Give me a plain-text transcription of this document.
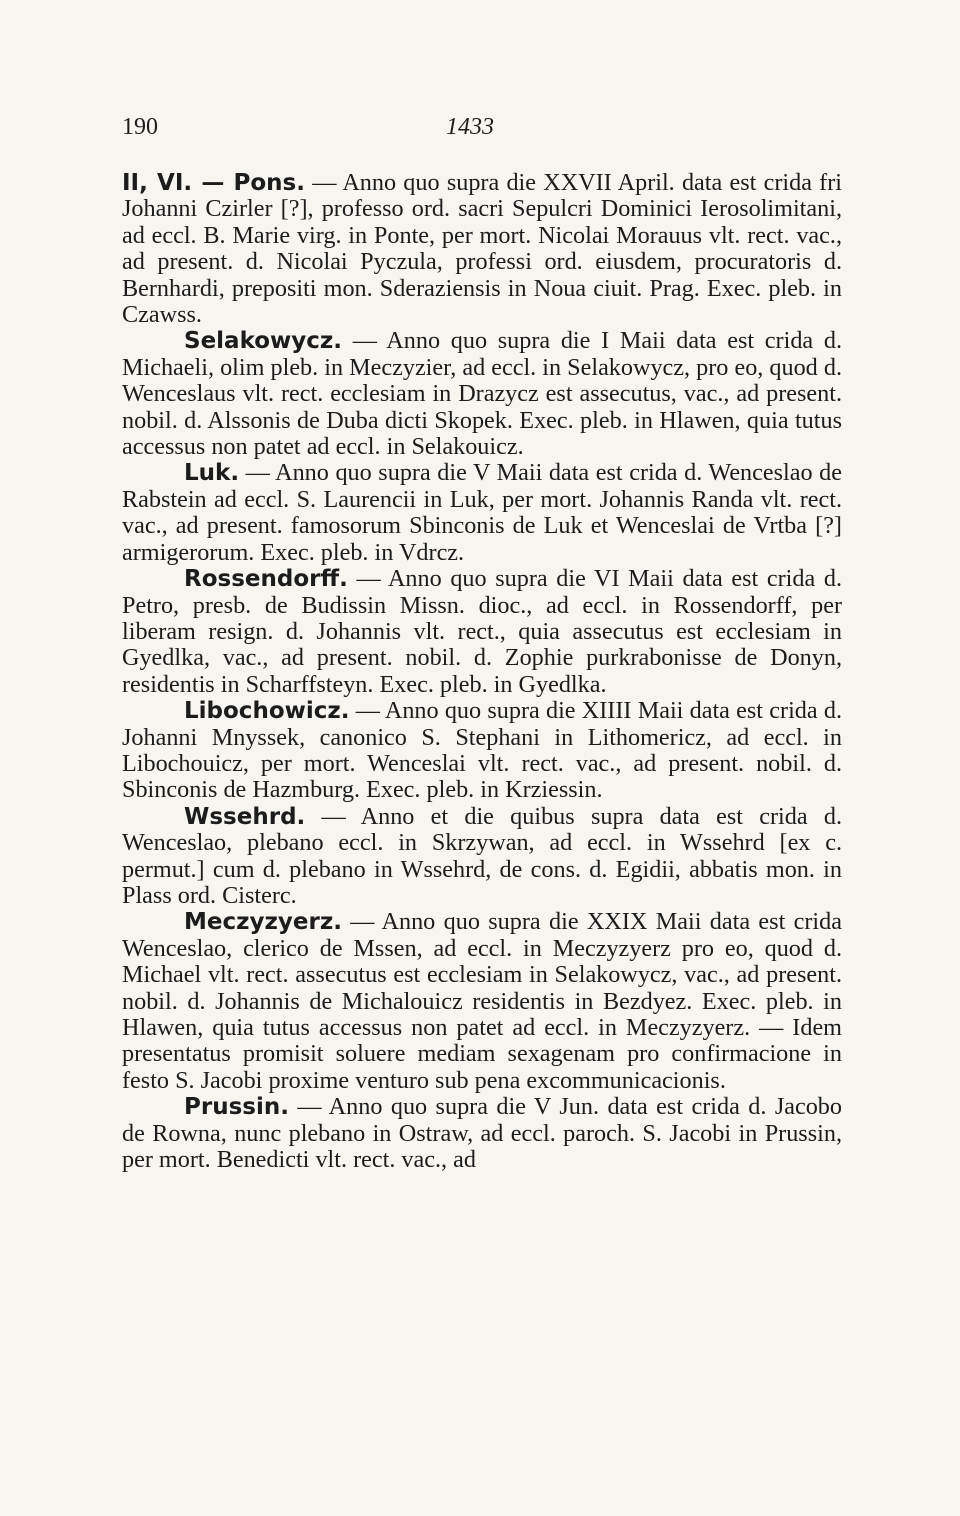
190	1433

II, VI. — Pons. — Anno quo supra die XXVII April. data est crida fri Johanni Czirler [?], professo ord. sacri Sepulcri Dominici Ierosolimitani, ad eccl. B. Marie virg. in Ponte, per mort. Nicolai Morauus vlt. rect. vac., ad present. d. Nicolai Pyczula, professi ord. eiusdem, procuratoris d. Bernhardi, prepositi mon. Sderaziensis in Noua ciuit. Prag. Exec. pleb. in Czawss.

Selakowycz. — Anno quo supra die I Maii data est crida d. Michaeli, olim pleb. in Meczyzier, ad eccl. in Selakowycz, pro eo, quod d. Wenceslaus vlt. rect. ecclesiam in Drazycz est assecutus, vac., ad present. nobil. d. Alssonis de Duba dicti Skopek. Exec. pleb. in Hlawen, quia tutus accessus non patet ad eccl. in Selakouicz.

Luk. — Anno quo supra die V Maii data est crida d. Wenceslao de Rabstein ad eccl. S. Laurencii in Luk, per mort. Johannis Randa vlt. rect. vac., ad present. famosorum Sbinconis de Luk et Wenceslai de Vrtba [?] armigerorum. Exec. pleb. in Vdrcz.

Rossendorff. — Anno quo supra die VI Maii data est crida d. Petro, presb. de Budissin Missn. dioc., ad eccl. in Rossendorff, per liberam resign. d. Johannis vlt. rect., quia assecutus est ecclesiam in Gyedlka, vac., ad present. nobil. d. Zophie purkrabonisse de Donyn, residentis in Scharffsteyn. Exec. pleb. in Gyedlka.

Libochowicz. — Anno quo supra die XIIII Maii data est crida d. Johanni Mnyssek, canonico S. Stephani in Lithomericz, ad eccl. in Libochouicz, per mort. Wenceslai vlt. rect. vac., ad present. nobil. d. Sbinconis de Hazmburg. Exec. pleb. in Krziessin.

Wssehrd. — Anno et die quibus supra data est crida d. Wenceslao, plebano eccl. in Skrzywan, ad eccl. in Wssehrd [ex c. permut.] cum d. plebano in Wssehrd, de cons. d. Egidii, abbatis mon. in Plass ord. Cisterc.

Meczyzyerz. — Anno quo supra die XXIX Maii data est crida Wenceslao, clerico de Mssen, ad eccl. in Meczyzyerz pro eo, quod d. Michael vlt. rect. assecutus est ecclesiam in Selakowycz, vac., ad present. nobil. d. Johannis de Michalouicz residentis in Bezdyez. Exec. pleb. in Hlawen, quia tutus accessus non patet ad eccl. in Meczyzyerz. — Idem presentatus promisit soluere mediam sexagenam pro confirmacione in festo S. Jacobi proxime venturo sub pena excommunicacionis.

Prussin. — Anno quo supra die V Jun. data est crida d. Jacobo de Rowna, nunc plebano in Ostraw, ad eccl. paroch. S. Jacobi in Prussin, per mort. Benedicti vlt. rect. vac., ad
